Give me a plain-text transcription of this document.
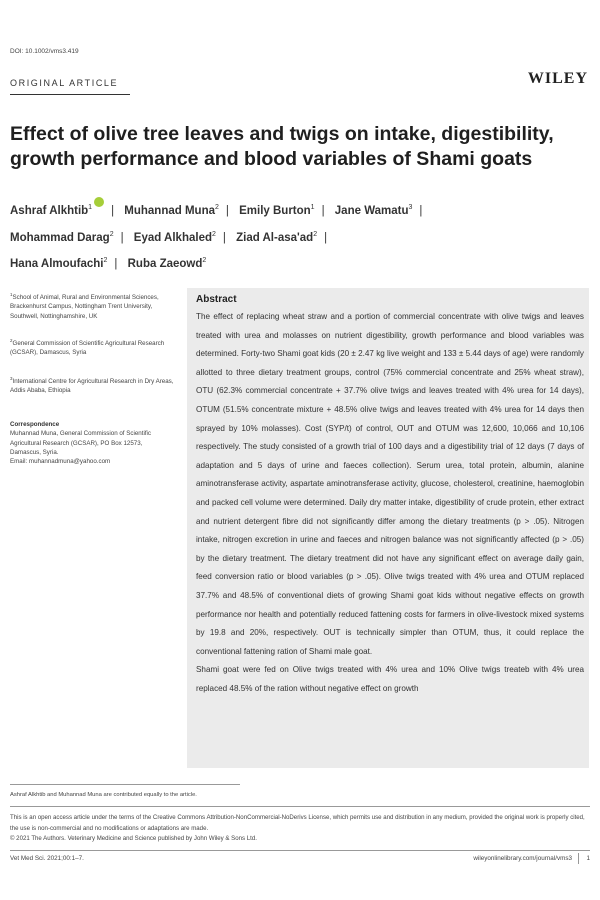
DOI: 10.1002/vms3.419
ORIGINAL ARTICLE	WILEY
Effect of olive tree leaves and twigs on intake, digestibility, growth performance and blood variables of Shami goats
Ashraf Alkhtib$^1$iD | Muhannad Muna$^2$ | Emily Burton$^1$ | Jane Wamatu$^3$ |
Mohammad Darag$^2$ | Eyad Alkhaled$^2$ | Ziad $Al-asa'ad^2$ |
Hana Almoufachi$^2$ | Ruba Zaeowd$^2$
$^1$School of Animal, Rural and Environmental Sciences, Brackenhurst Campus, Nottingham Trent University, Southwell, Nottinghamshire, UK
$^2$General Commission of Scientific Agricultural Research (GCSAR), Damascus, Syria
$^3$International Centre for Agricultural Research in Dry Areas, Addis Ababa, Ethiopia
Correspondence
Muhannad Muna, General Commission of Scientific Agricultural Research (GCSAR), PO Box 12573, Damascus, Syria.
Email: muhannadmuna@yahoo.com
Abstract

The effect of replacing wheat straw and a portion of commercial concentrate with olive twigs and leaves treated with urea and molasses on nutrient digestibility, growth performance and blood variables was determined. Forty-two Shami goat kids (20 ± 2.47 kg live weight and 133 ± 5.44 days of age) were randomly allotted to three dietary treatment groups, control (75% commercial concentrate and 25% wheat straw), OTU (62.3% commercial concentrate + 37.7% olive twigs and leaves treated with 4% urea for 14 days), OTUM (51.5% concentrate mixture + 48.5% olive twigs and leaves treated with 4% urea for 14 days then sprayed by 10% molasses). Cost (SYP/t) of control, OUT and OTUM was 12,600, 10,066 and 10,106 respectively. The study consisted of a growth trial of 100 days and a digestibility trial of 12 days (7 days of adaptation and 5 days of urine and faeces collection). Serum urea, total protein, albumin, alanine aminotransferase activity, aspartate aminotransferase activity, glucose, cholesterol, creatinine, haemoglobin and packed cell volume were determined. Daily dry matter intake, digestibility of crude protein, ether extract and nutrient detergent fibre did not significantly differ among the dietary treatments (p > .05). Nitrogen intake, nitrogen excretion in urine and faeces and nitrogen balance was not significantly affected (p > .05) by the dietary treatment. The dietary treatment did not have any significant effect on average daily gain, feed conversion ratio or blood variables (p > .05). Olive twigs treated with 4% urea and OTUM replaced 37.7% and 48.5% of conventional diets of growing Shami goat kids without negative effects on growth performance nor health and potentially reduced fattening costs for farmers in olive-livestock mixed systems by 19.8 and 20%, respectively. OUT is technically simpler than OTUM, thus, it could replace the conventional fattening ration of Shami male goat.

Shami goat were fed on Olive twigs treated with 4% urea and 10% Olive twigs treateb with 4% urea replaced 48.5% of the ration without negative effect on growth

Ashraf Alkhtib and Muhannad Muna are contributed equally to the article.
This is an open access article under the terms of the Creative Commons Attribution-NonCommercial-NoDerivs License, which permits use and distribution in any medium, provided the original work is properly cited, the use is non-commercial and no modifications or adaptations are made.
© 2021 The Authors. Veterinary Medicine and Science published by John Wiley & Sons Ltd.
Vet Med Sci. 2021;00:1–7.	wileyonlinelibrary.com/journal/vms3 1
